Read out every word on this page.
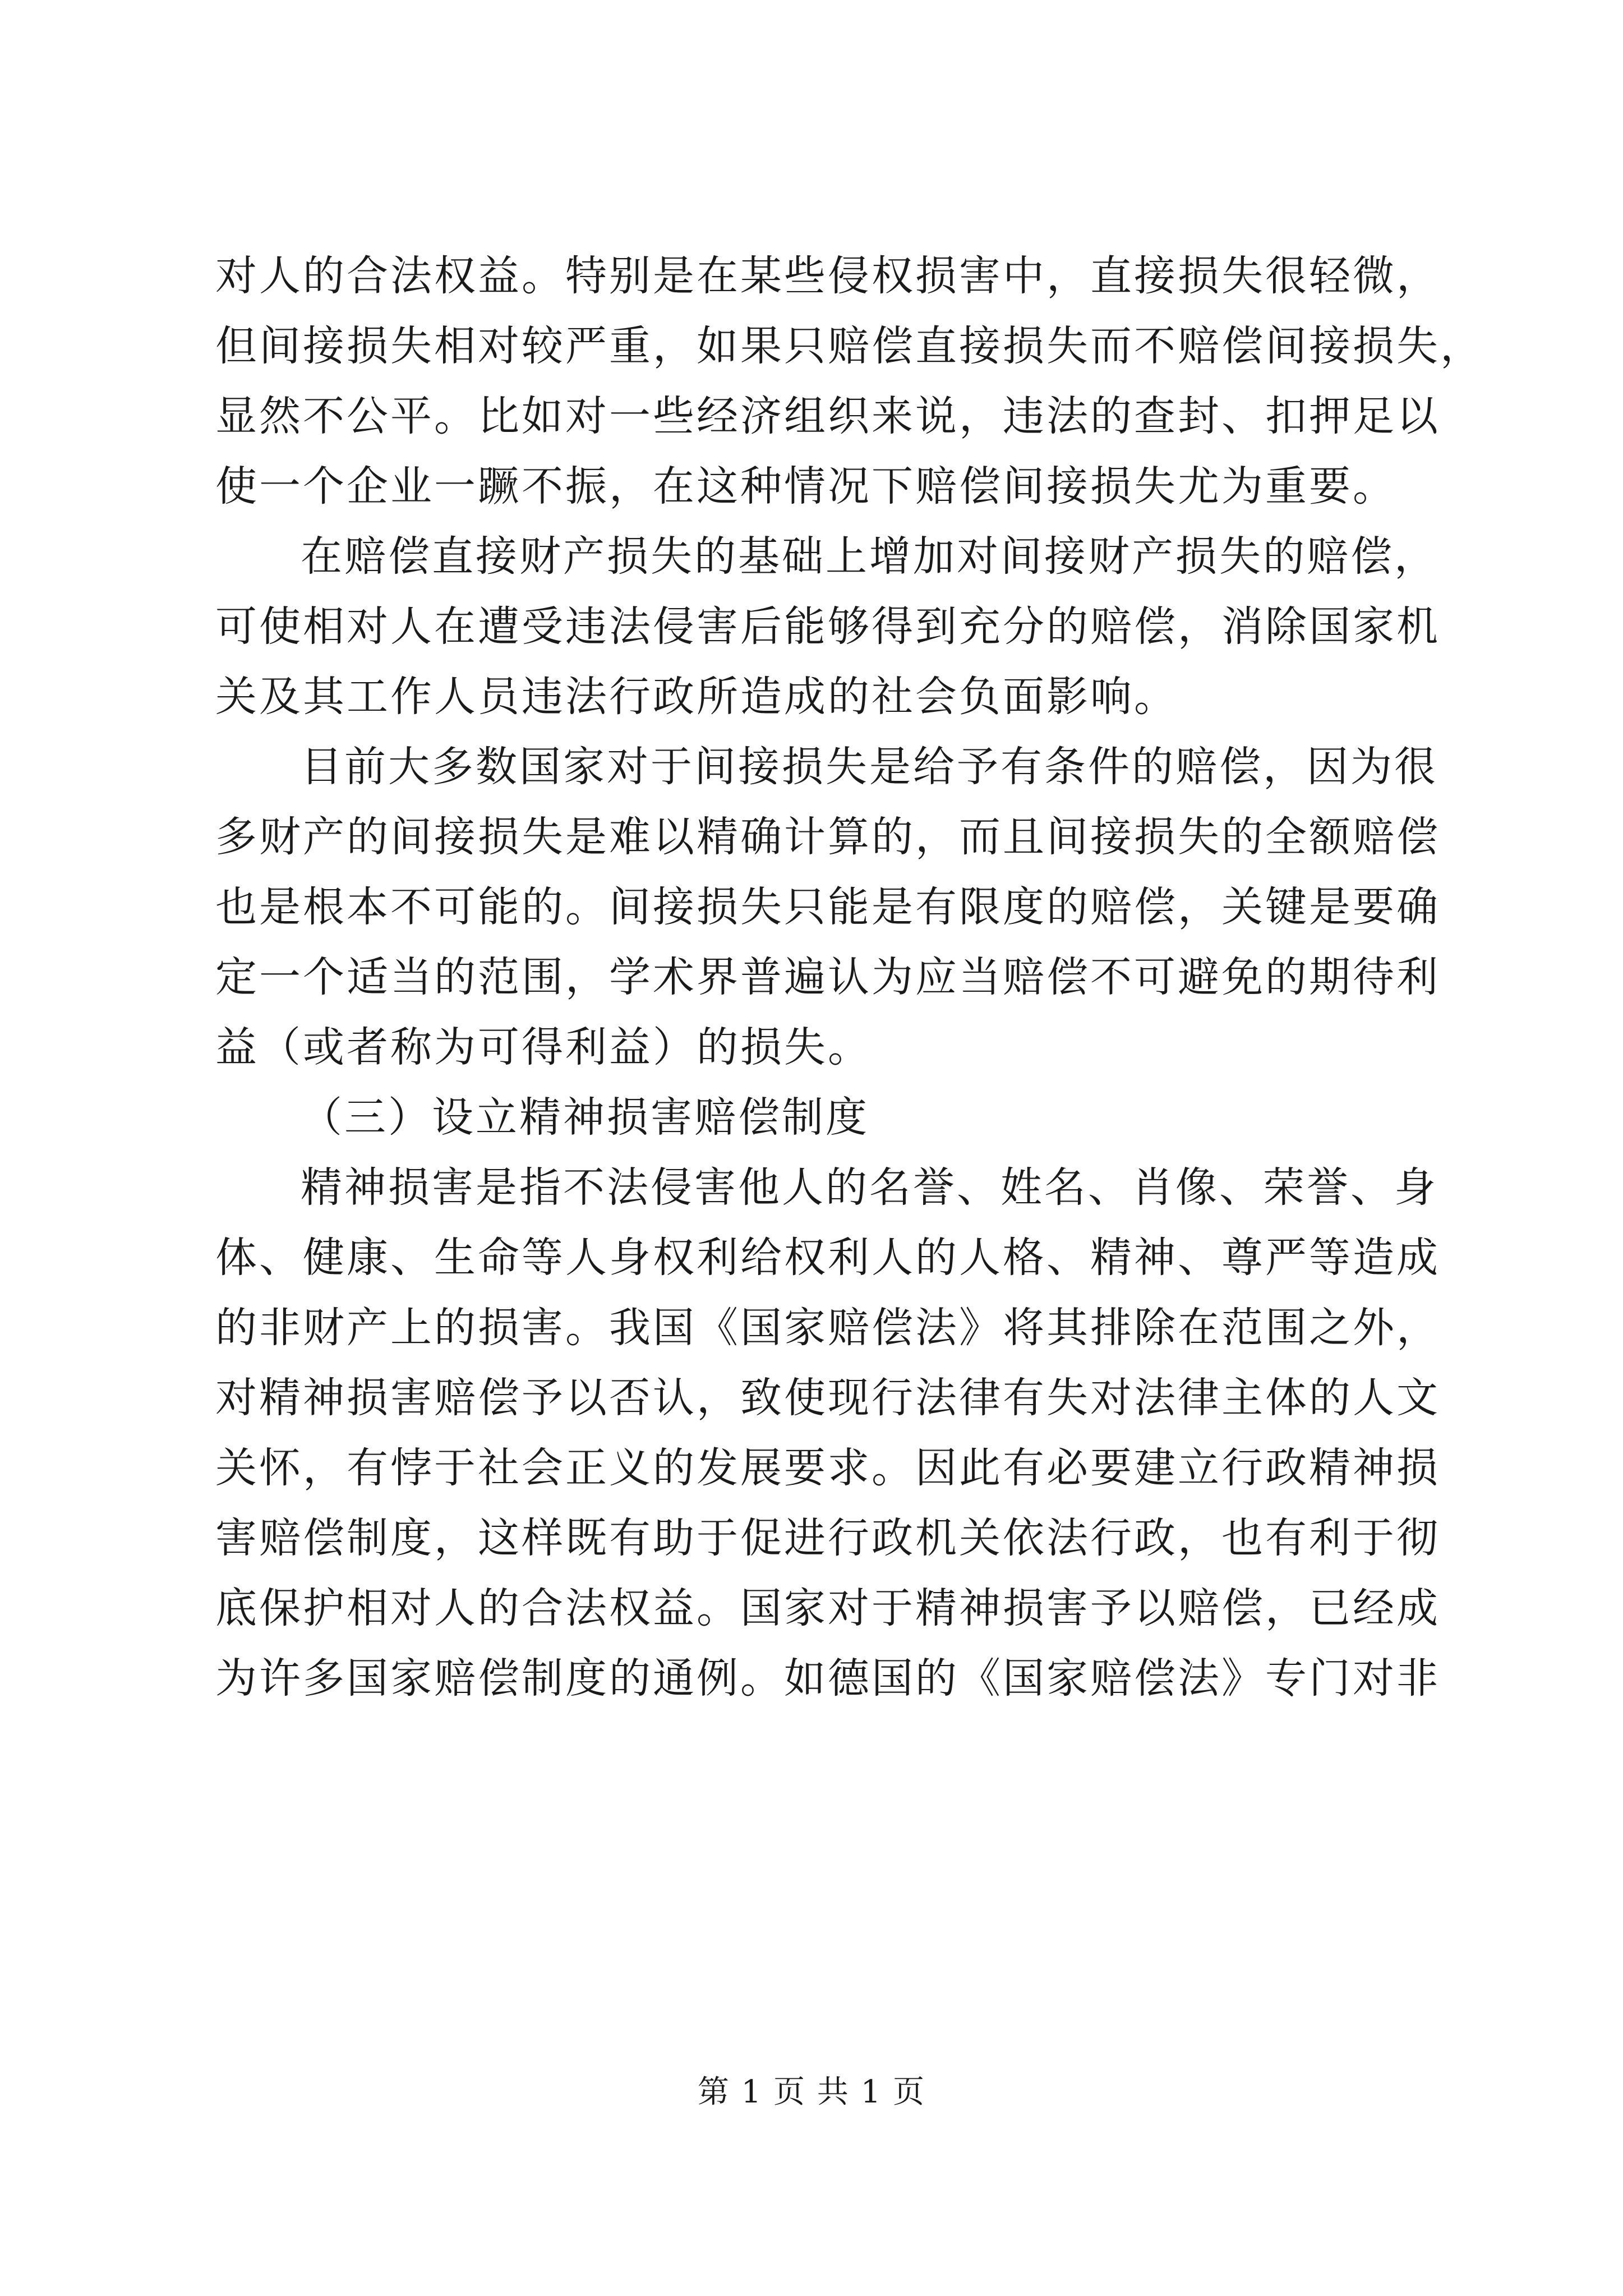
对人的合法权益。特别是在某些侵权损害中，直接损失很轻微，
但间接损失相对较严重，如果只赔偿直接损失而不赔偿间接损失，
显然不公平。比如对一些经济组织来说，违法的查封、扣押足以
使一个企业一蹶不振，在这种情况下赔偿间接损失尤为重要。
在赔偿直接财产损失的基础上增加对间接财产损失的赔偿，
可使相对人在遭受违法侵害后能够得到充分的赔偿，消除国家机
关及其工作人员违法行政所造成的社会负面影响。
目前大多数国家对于间接损失是给予有条件的赔偿，因为很
多财产的间接损失是难以精确计算的，而且间接损失的全额赔偿
也是根本不可能的。间接损失只能是有限度的赔偿，关键是要确
定一个适当的范围，学术界普遍认为应当赔偿不可避免的期待利
益（或者称为可得利益）的损失。
（三）设立精神损害赔偿制度
精神损害是指不法侵害他人的名誉、姓名、肖像、荣誉、身
体、健康、生命等人身权利给权利人的人格、精神、尊严等造成
的非财产上的损害。我国《国家赔偿法》将其排除在范围之外，
对精神损害赔偿予以否认，致使现行法律有失对法律主体的人文
关怀，有悖于社会正义的发展要求。因此有必要建立行政精神损
害赔偿制度，这样既有助于促进行政机关依法行政，也有利于彻
底保护相对人的合法权益。国家对于精神损害予以赔偿，已经成
为许多国家赔偿制度的通例。如德国的《国家赔偿法》专门对非
第 1 页 共 1 页
